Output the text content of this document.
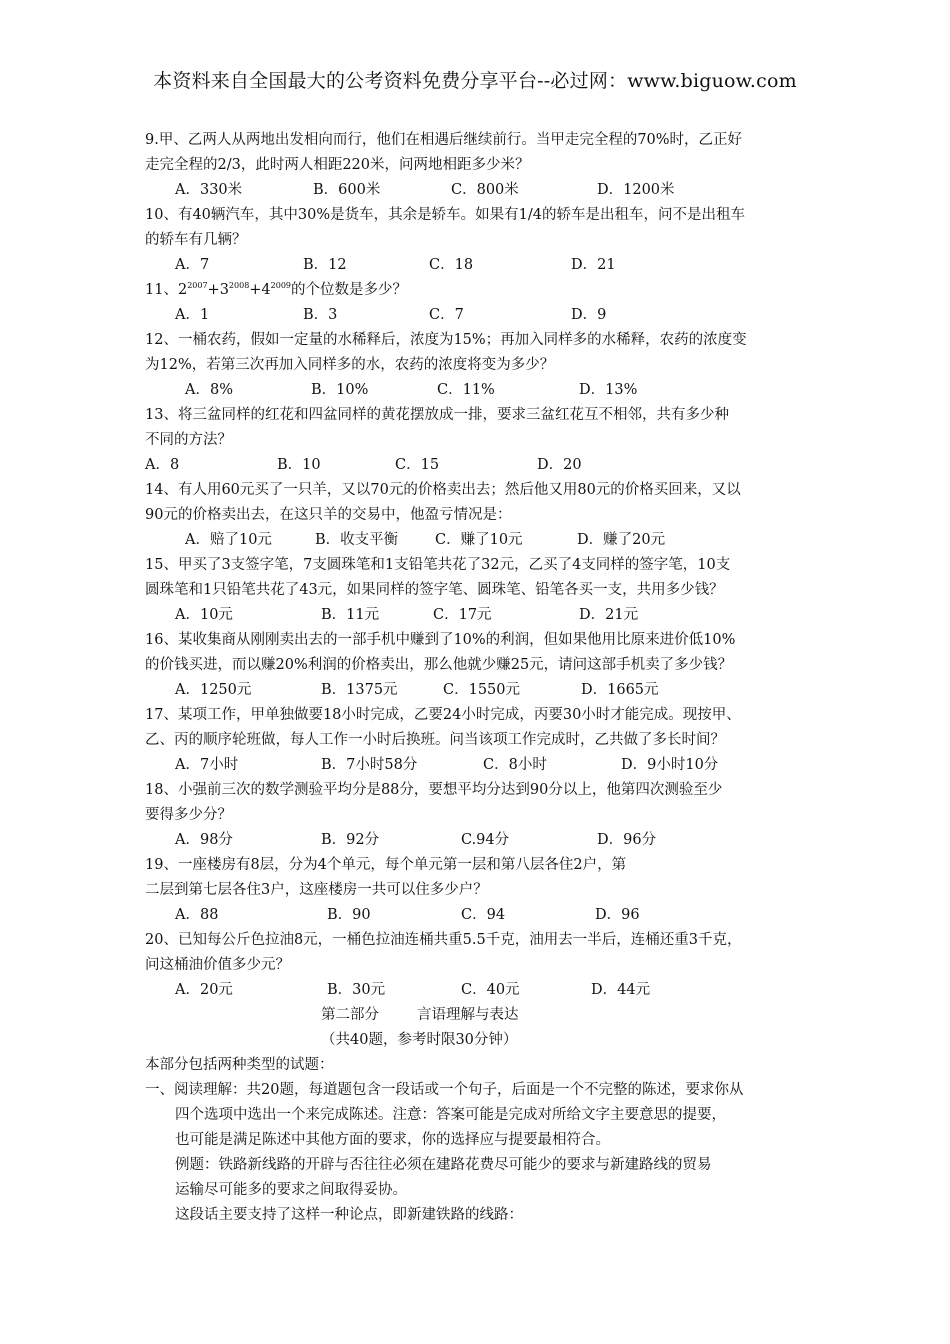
本资料来自全国最大的公考资料免费分享平台--必过网：www.biguow.com
9.甲、乙两人从两地出发相向而行，他们在相遇后继续前行。当甲走完全程的70%时，乙正好
走完全程的2/3，此时两人相距220米，问两地相距多少米？
A．330米	B．600米	C．800米	D．1200米
10、有40辆汽车，其中30%是货车，其余是轿车。如果有1/4的轿车是出租车，问不是出租车
的轿车有几辆？
A．7	B．12	C．18	D．21
11、$2^{2007}+3^{2008}+4^{2009}$的个位数是多少？
A．1	B．3	C．7	D．9
12、一桶农药，假如一定量的水稀释后，浓度为15%；再加入同样多的水稀释，农药的浓度变
为12%，若第三次再加入同样多的水，农药的浓度将变为多少？
A．8%	B．10%	C．11%	D．13%
13、将三盆同样的红花和四盆同样的黄花摆放成一排，要求三盆红花互不相邻，共有多少种
不同的方法？
A．8	B．10	C．15	D．20
14、有人用60元买了一只羊，又以70元的价格卖出去；然后他又用80元的价格买回来，又以
90元的价格卖出去，在这只羊的交易中，他盈亏情况是：
A．赔了10元	B．收支平衡	C．赚了10元	D．赚了20元
15、甲买了3支签字笔，7支圆珠笔和1支铅笔共花了32元，乙买了4支同样的签字笔，10支
圆珠笔和1只铅笔共花了43元，如果同样的签字笔、圆珠笔、铅笔各买一支，共用多少钱？
A．10元	B．11元	C．17元	D．21元
16、某收集商从刚刚卖出去的一部手机中赚到了10%的利润，但如果他用比原来进价低10%
的价钱买进，而以赚20%利润的价格卖出，那么他就少赚25元，请问这部手机卖了多少钱？
A．1250元	B．1375元	C．1550元	D．1665元
17、某项工作，甲单独做要18小时完成，乙要24小时完成，丙要30小时才能完成。现按甲、
乙、丙的顺序轮班做，每人工作一小时后换班。问当该项工作完成时，乙共做了多长时间？
A．7小时	B．7小时58分	C．8小时	D．9小时10分
18、小强前三次的数学测验平均分是88分，要想平均分达到90分以上，他第四次测验至少
要得多少分？
A．98分	B．92分	C.94分	D．96分
19、一座楼房有8层，分为4个单元，每个单元第一层和第八层各住2户，第
二层到第七层各住3户，这座楼房一共可以住多少户？
A．88	B．90	C．94	D．96
20、已知每公斤色拉油8元，一桶色拉油连桶共重5.5千克，油用去一半后，连桶还重3千克，
问这桶油价值多少元？
A．20元	B．30元	C．40元	D．44元
第二部分	言语理解与表达
（共40题，参考时限30分钟）
本部分包括两种类型的试题：
一、阅读理解：共20题，每道题包含一段话或一个句子，后面是一个不完整的陈述，要求你从
四个选项中选出一个来完成陈述。注意：答案可能是完成对所给文字主要意思的提要，
也可能是满足陈述中其他方面的要求，你的选择应与提要最相符合。
例题：铁路新线路的开辟与否往往必须在建路花费尽可能少的要求与新建路线的贸易
运输尽可能多的要求之间取得妥协。
这段话主要支持了这样一种论点，即新建铁路的线路：
